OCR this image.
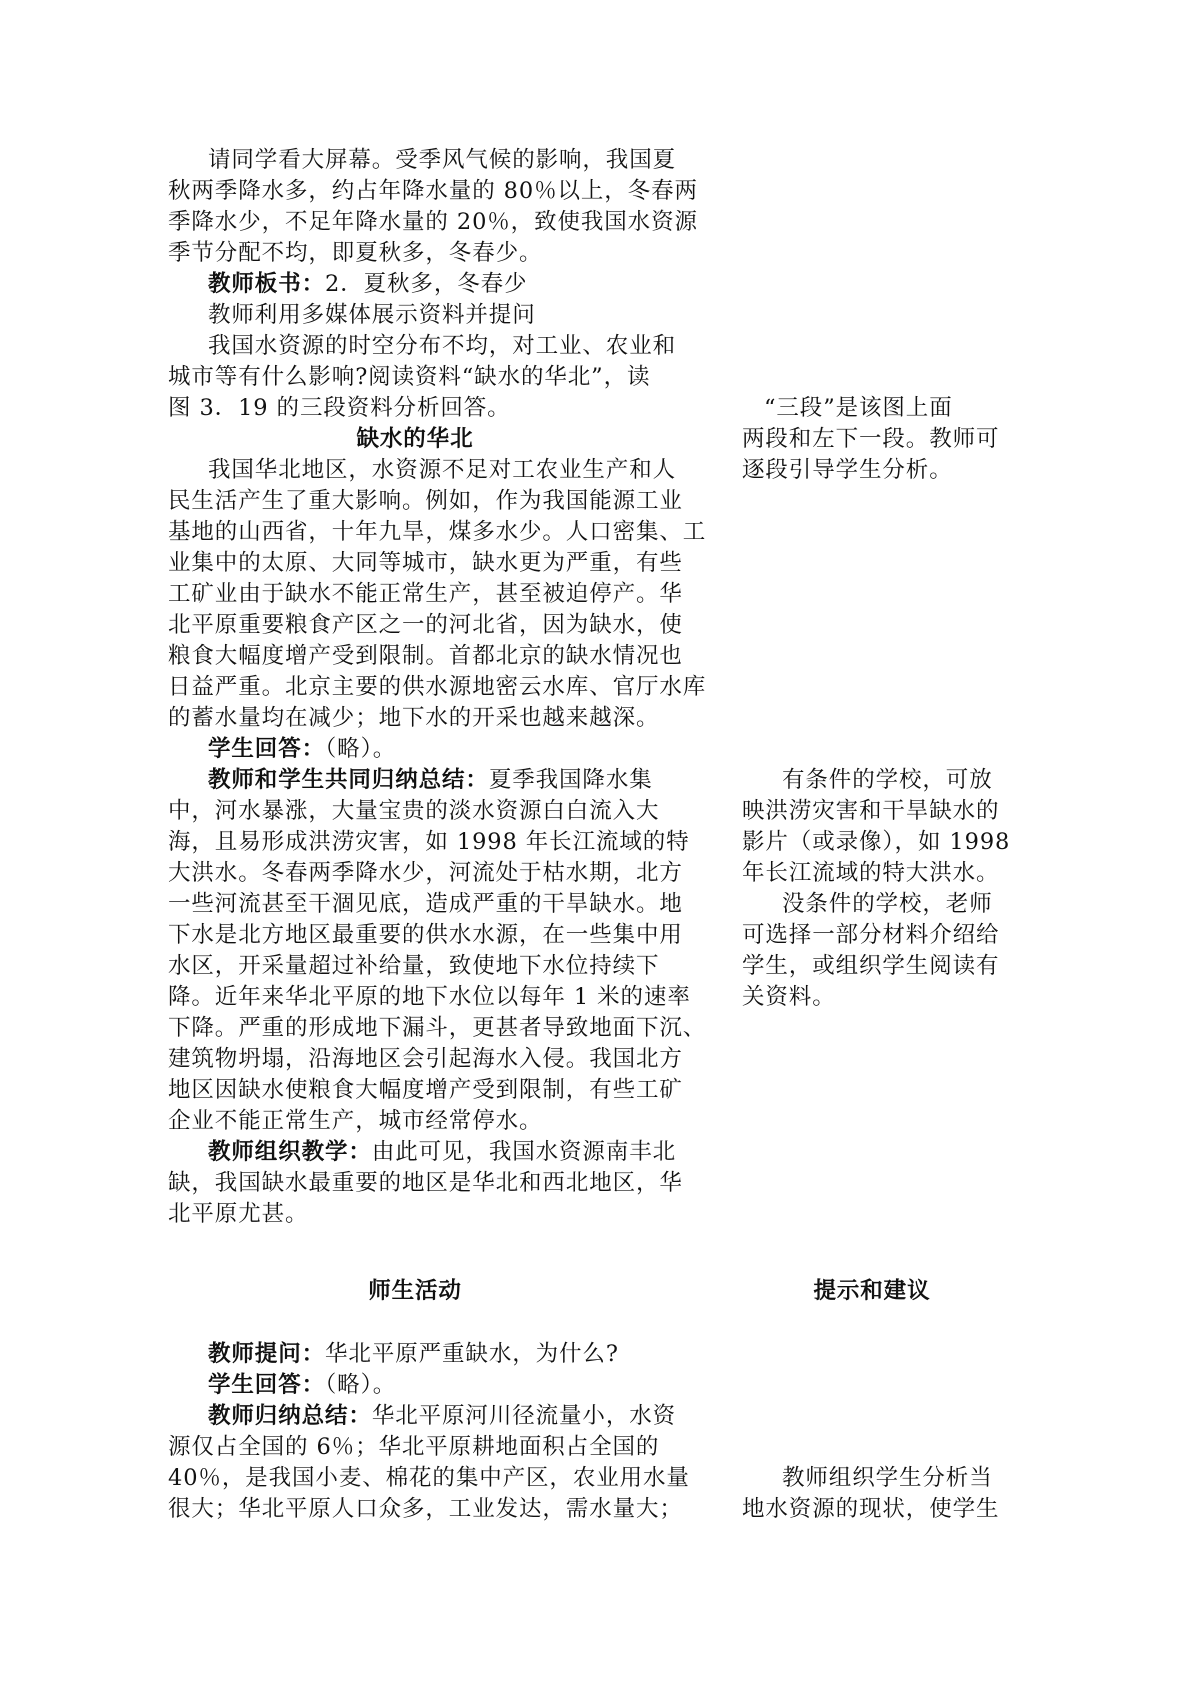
请同学看大屏幕。受季风气候的影响，我国夏

秋两季降水多，约占年降水量的 80％以上，冬春两

季降水少，不足年降水量的 20％，致使我国水资源

季节分配不均，即夏秋多，冬春少。

教师板书：2．夏秋多，冬春少

教师利用多媒体展示资料并提问

我国水资源的时空分布不均，对工业、农业和

城市等有什么影响?阅读资料“缺水的华北”，读

图 3．19 的三段资料分析回答。

缺水的华北

我国华北地区，水资源不足对工农业生产和人

民生活产生了重大影响。例如，作为我国能源工业

基地的山西省，十年九旱，煤多水少。人口密集、工

业集中的太原、大同等城市，缺水更为严重，有些

工矿业由于缺水不能正常生产，甚至被迫停产。华

北平原重要粮食产区之一的河北省，因为缺水，使

粮食大幅度增产受到限制。首都北京的缺水情况也

日益严重。北京主要的供水源地密云水库、官厅水库

的蓄水量均在减少；地下水的开采也越来越深。

学生回答：（略）。

教师和学生共同归纳总结：夏季我国降水集

中，河水暴涨，大量宝贵的淡水资源白白流入大

海，且易形成洪涝灾害，如 1998 年长江流域的特

大洪水。冬春两季降水少，河流处于枯水期，北方

一些河流甚至干涸见底，造成严重的干旱缺水。地

下水是北方地区最重要的供水水源，在一些集中用

水区，开采量超过补给量，致使地下水位持续下

降。近年来华北平原的地下水位以每年 1 米的速率

下降。严重的形成地下漏斗，更甚者导致地面下沉、

建筑物坍塌，沿海地区会引起海水入侵。我国北方

地区因缺水使粮食大幅度增产受到限制，有些工矿

企业不能正常生产，城市经常停水。

教师组织教学：由此可见，我国水资源南丰北

缺，我国缺水最重要的地区是华北和西北地区，华

北平原尤甚。

师生活动	提示和建议

教师提问：华北平原严重缺水，为什么?

学生回答：（略）。

教师归纳总结：华北平原河川径流量小，水资

源仅占全国的 6％；华北平原耕地面积占全国的

40％，是我国小麦、棉花的集中产区，农业用水量

很大；华北平原人口众多，工业发达，需水量大；

“三段”是该图上面

两段和左下一段。教师可

逐段引导学生分析。

有条件的学校，可放

映洪涝灾害和干旱缺水的

影片（或录像），如 1998

年长江流域的特大洪水。

没条件的学校，老师

可选择一部分材料介绍给

学生，或组织学生阅读有

关资料。

教师组织学生分析当

地水资源的现状，使学生
